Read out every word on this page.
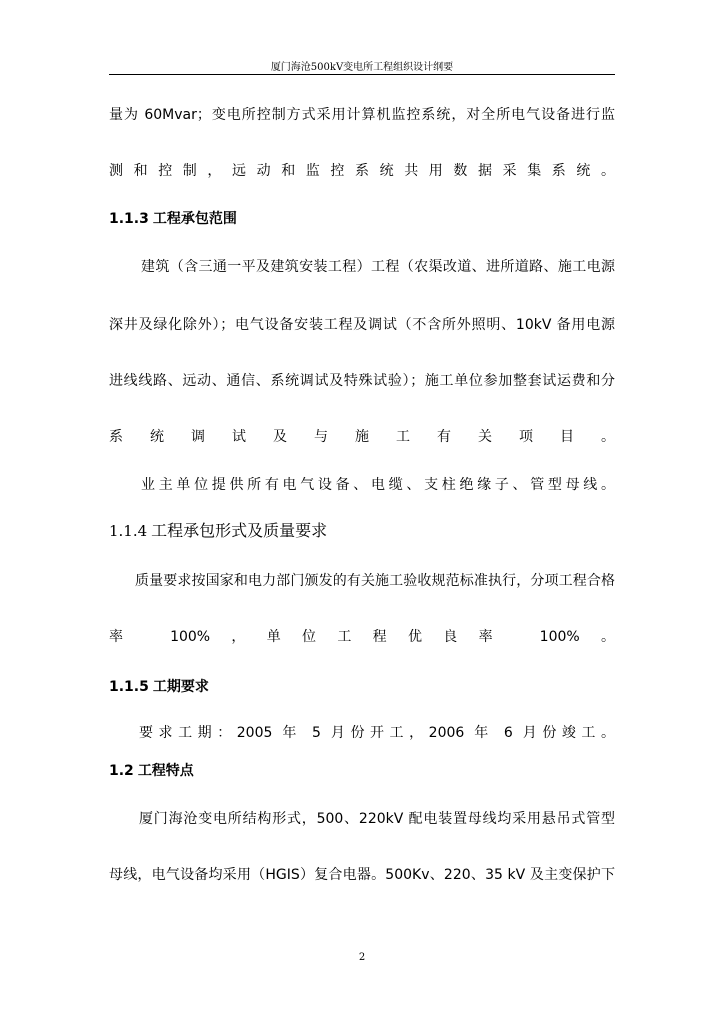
厦门海沧500kV变电所工程组织设计纲要
量为 60Mvar；变电所控制方式采用计算机监控系统，对全所电气设备进行监
测和控制，远动和监控系统共用数据采集系统。
1.1.3 工程承包范围
建筑（含三通一平及建筑安装工程）工程（农渠改道、进所道路、施工电源
深井及绿化除外）；电气设备安装工程及调试（不含所外照明、10kV 备用电源
进线线路、远动、通信、系统调试及特殊试验）；施工单位参加整套试运费和分
系统调试及与施工有关项目。
业主单位提供所有电气设备、电缆、支柱绝缘子、管型母线。
1.1.4 工程承包形式及质量要求
质量要求按国家和电力部门颁发的有关施工验收规范标准执行，分项工程合格
率 100%，单位工程优良率 100%。
1.1.5 工期要求
要求工期：2005 年 5 月份开工，2006 年 6 月份竣工。
1.2 工程特点
厦门海沧变电所结构形式，500、220kV 配电装置母线均采用悬吊式管型
母线，电气设备均采用（HGIS）复合电器。500Kv、220、35 kV 及主变保护下
2
